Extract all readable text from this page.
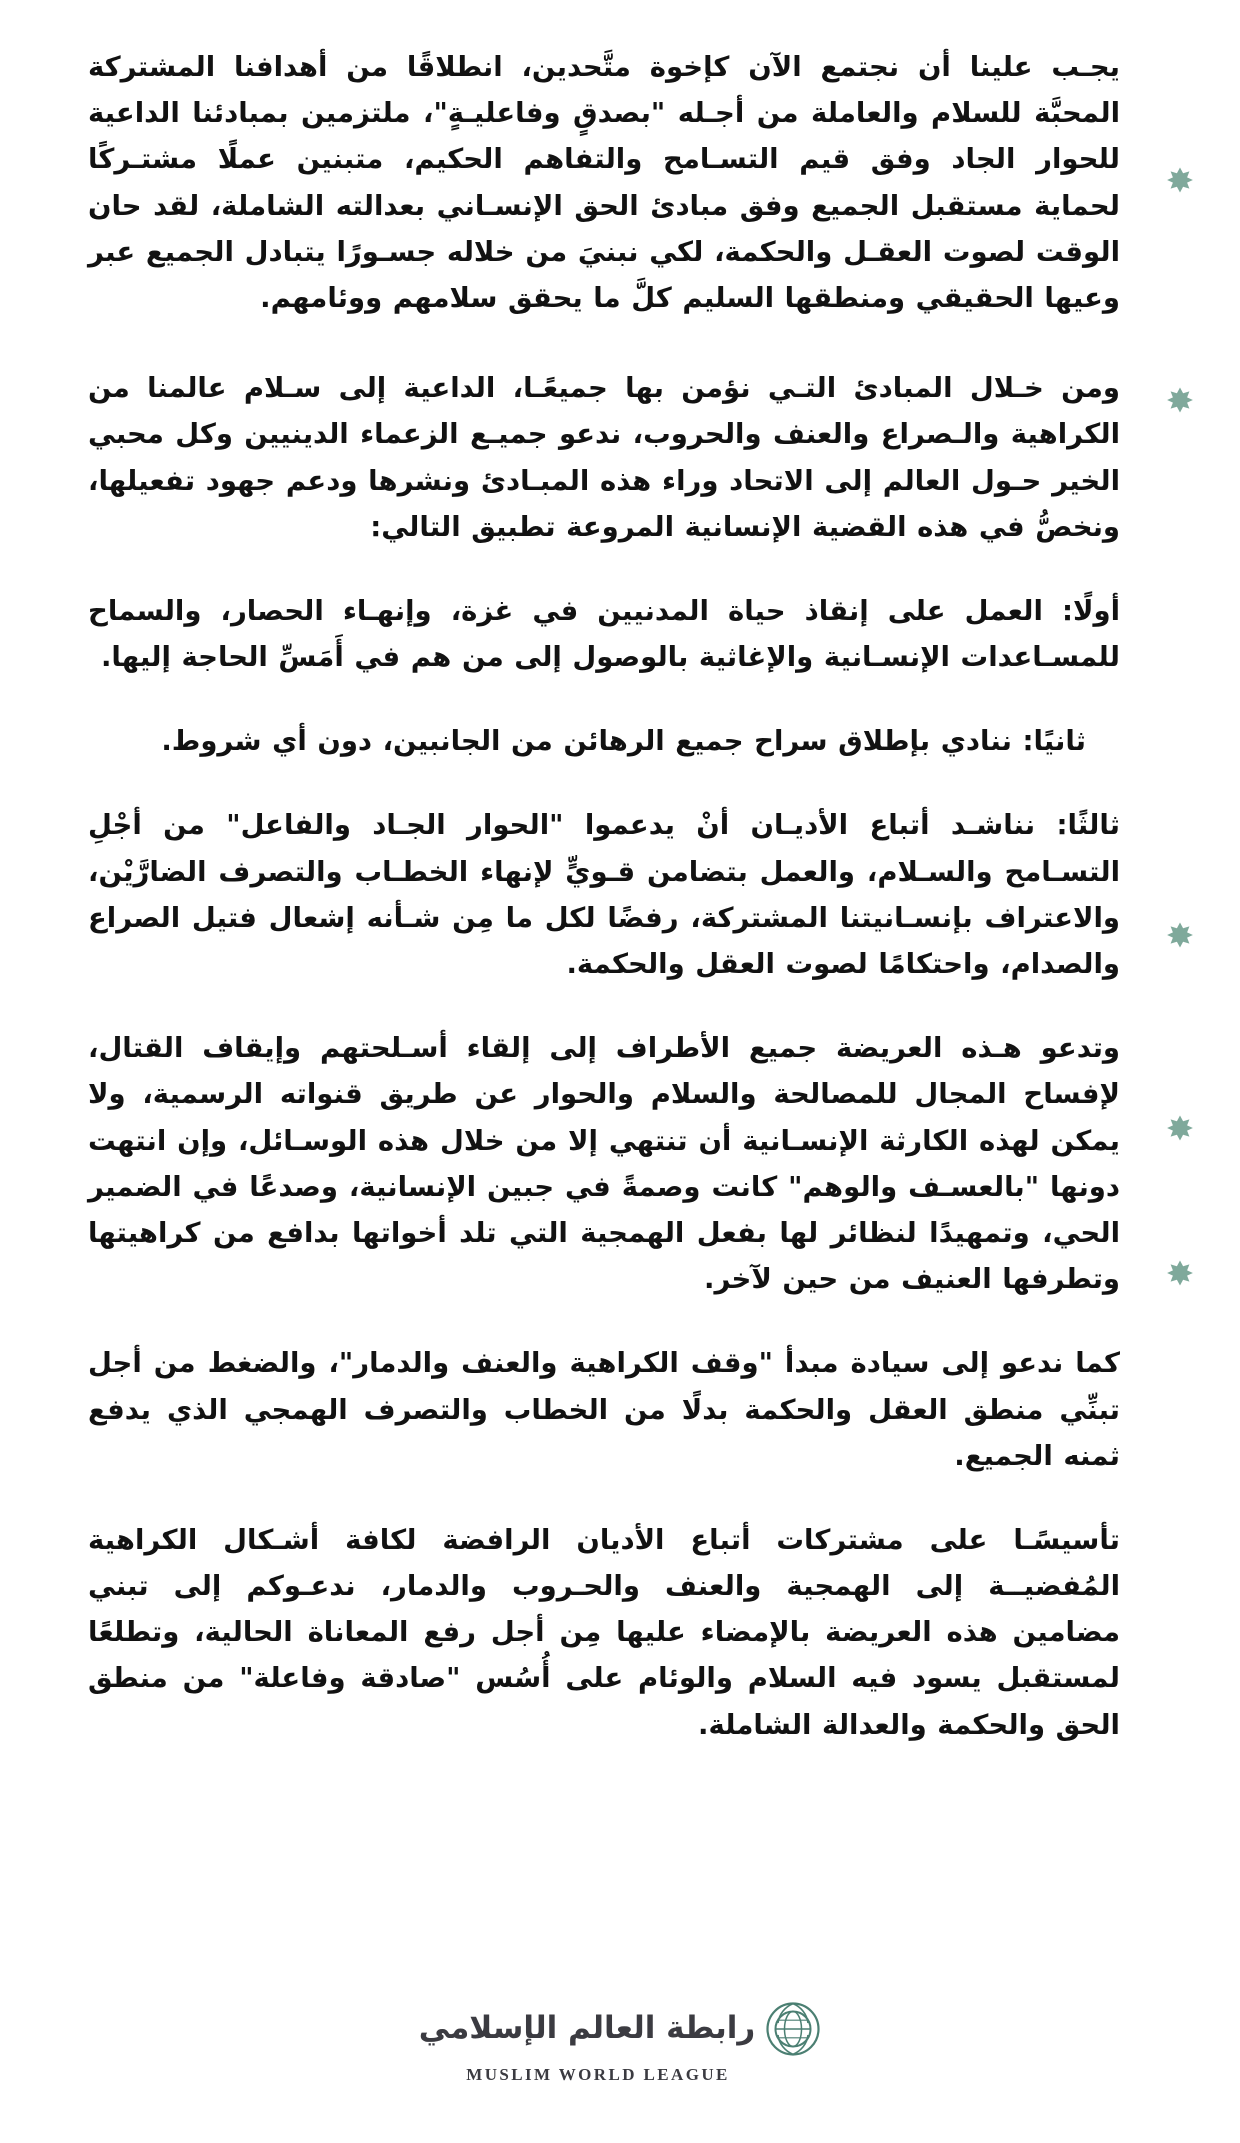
يجـب علينا أن نجتمع الآن كإخوة متَّحدين، انطلاقًا من أهدافنا المشتركة المحبَّة للسلام والعاملة من أجـله "بصدقٍ وفاعليـةٍ"، ملتزمين بمبادئنا الداعية للحوار الجاد وفق قيم التسـامح والتفاهم الحكيم، متبنين عملًا مشتـركًا لحماية مستقبل الجميع وفق مبادئ الحق الإنسـاني بعدالته الشاملة، لقد حان الوقت لصوت العقـل والحكمة، لكي نبنيَ من خلاله جسـورًا يتبادل الجميع عبر وعيها الحقيقي ومنطقها السليم كلَّ ما يحقق سلامهم ووئامهم.

ومن خـلال المبادئ التـي نؤمن بها جميعًـا، الداعية إلى سـلام عالمنا من الكراهية والـصراع والعنف والحروب، ندعو جميـع الزعماء الدينيين وكل محبي الخير حـول العالم إلى الاتحاد وراء هذه المبـادئ ونشرها ودعم جهود تفعيلها، ونخصُّ في هذه القضية الإنسانية المروعة تطبيق التالي:

أولًا: العمل على إنقاذ حياة المدنيين في غزة، وإنهـاء الحصار، والسماح للمسـاعدات الإنسـانية والإغاثية بالوصول إلى من هم في أَمَسِّ الحاجة إليها.

ثانيًا: ننادي بإطلاق سراح جميع الرهائن من الجانبين، دون أي شروط.

ثالثًا: نناشـد أتباع الأديـان أنْ يدعموا "الحوار الجـاد والفاعل" من أجْلِ التسـامح والسـلام، والعمل بتضامن قـويٍّ لإنهاء الخطـاب والتصرف الضارَّيْن، والاعتراف بإنسـانيتنا المشتركة، رفضًا لكل ما مِن شـأنه إشعال فتيل الصراع والصدام، واحتكامًا لصوت العقل والحكمة.

وتدعو هـذه العريضة جميع الأطراف إلى إلقاء أسـلحتهم وإيقاف القتال، لإفساح المجال للمصالحة والسلام والحوار عن طريق قنواته الرسمية، ولا يمكن لهذه الكارثة الإنسـانية أن تنتهي إلا من خلال هذه الوسـائل، وإن انتهت دونها "بالعسـف والوهم" كانت وصمةً في جبين الإنسانية، وصدعًا في الضمير الحي، وتمهيدًا لنظائر لها بفعل الهمجية التي تلد أخواتها بدافع من كراهيتها وتطرفها العنيف من حين لآخر.

كما ندعو إلى سيادة مبدأ "وقف الكراهية والعنف والدمار"، والضغط من أجل تبنِّي منطق العقل والحكمة بدلًا من الخطاب والتصرف الهمجي الذي يدفع ثمنه الجميع.

تأسيسًـا على مشتركات أتباع الأديان الرافضة لكافة أشـكال الكراهية المُفضيــة إلى الهمجية والعنف والحـروب والدمار، ندعـوكم إلى تبني مضامين هذه العريضة بالإمضاء عليها مِن أجل رفع المعاناة الحالية، وتطلعًا لمستقبل يسود فيه السلام والوئام على أُسُس "صادقة وفاعلة" من منطق الحق والحكمة والعدالة الشاملة.

رابطة العالم الإسلامي
MUSLIM WORLD LEAGUE
